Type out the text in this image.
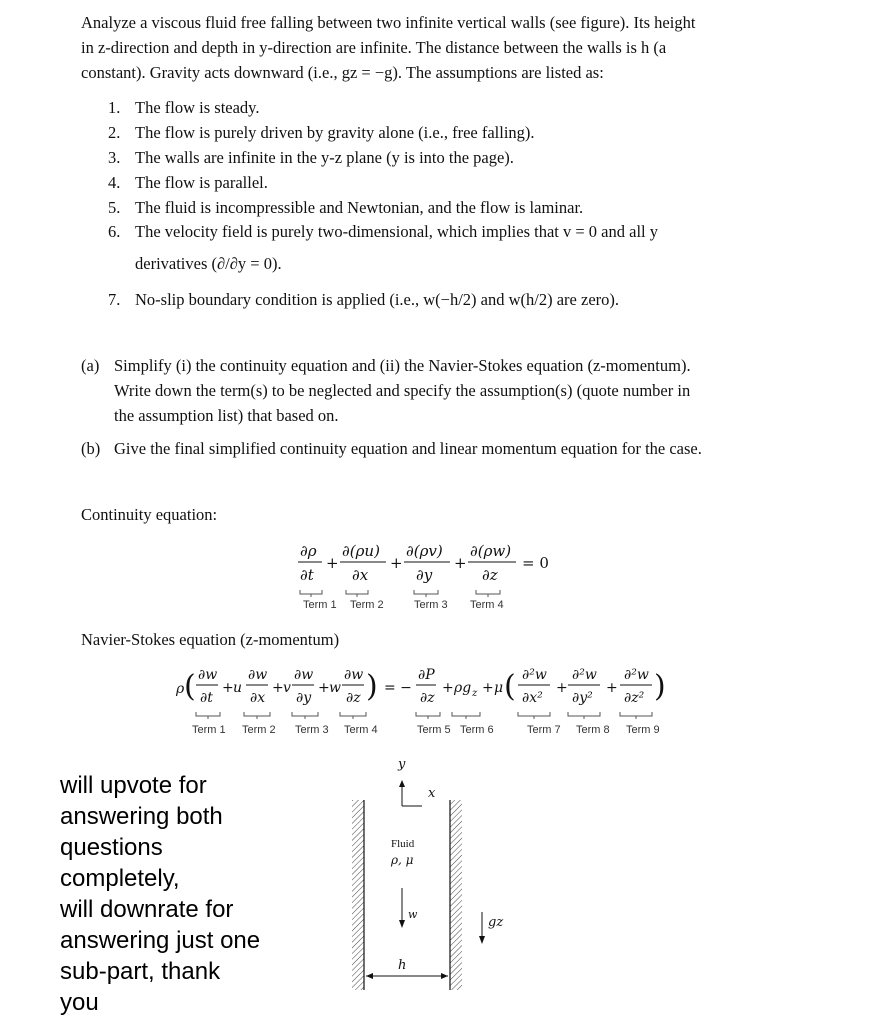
Analyze a viscous fluid free falling between two infinite vertical walls (see figure). Its height
in z-direction and depth in y-direction are infinite. The distance between the walls is h (a
constant). Gravity acts downward (i.e., gz = −g). The assumptions are listed as:
1. The flow is steady.
2. The flow is purely driven by gravity alone (i.e., free falling).
3. The walls are infinite in the y-z plane (y is into the page).
4. The flow is parallel.
5. The fluid is incompressible and Newtonian, and the flow is laminar.
6. The velocity field is purely two-dimensional, which implies that v = 0 and all y
derivatives (∂/∂y = 0).
7. No-slip boundary condition is applied (i.e., w(−h/2) and w(h/2) are zero).
(a) Simplify (i) the continuity equation and (ii) the Navier-Stokes equation (z-momentum).
Write down the term(s) to be neglected and specify the assumption(s) (quote number in
the assumption list) that based on.
(b) Give the final simplified continuity equation and linear momentum equation for the case.
Continuity equation:
∂ρ
∂t
+
∂(ρu)
∂x
+
∂(ρv)
∂y
+
∂(ρw)
∂z
= 0
Term 1 Term 2	Term 3 Term 4
Navier-Stokes equation (z-momentum)
ρ ( ∂w
∂t
+ u
∂w
∂x
+ v
∂w
∂y
+ w
∂w
∂z ) = −
∂P
∂z
+ ρg z + μ ( ∂²w
∂x²
+
∂²w
∂y²
+
∂²w
∂z² )
Term 1 Term 2 Term 3 Term 4	Term 5 Term 6	Term 7 Term 8 Term 9
y
x
Fluid
ρ, μ
w
gz
h
will upvote for
answering both
questions
completely,
will downrate for
answering just one
sub-part, thank
you
